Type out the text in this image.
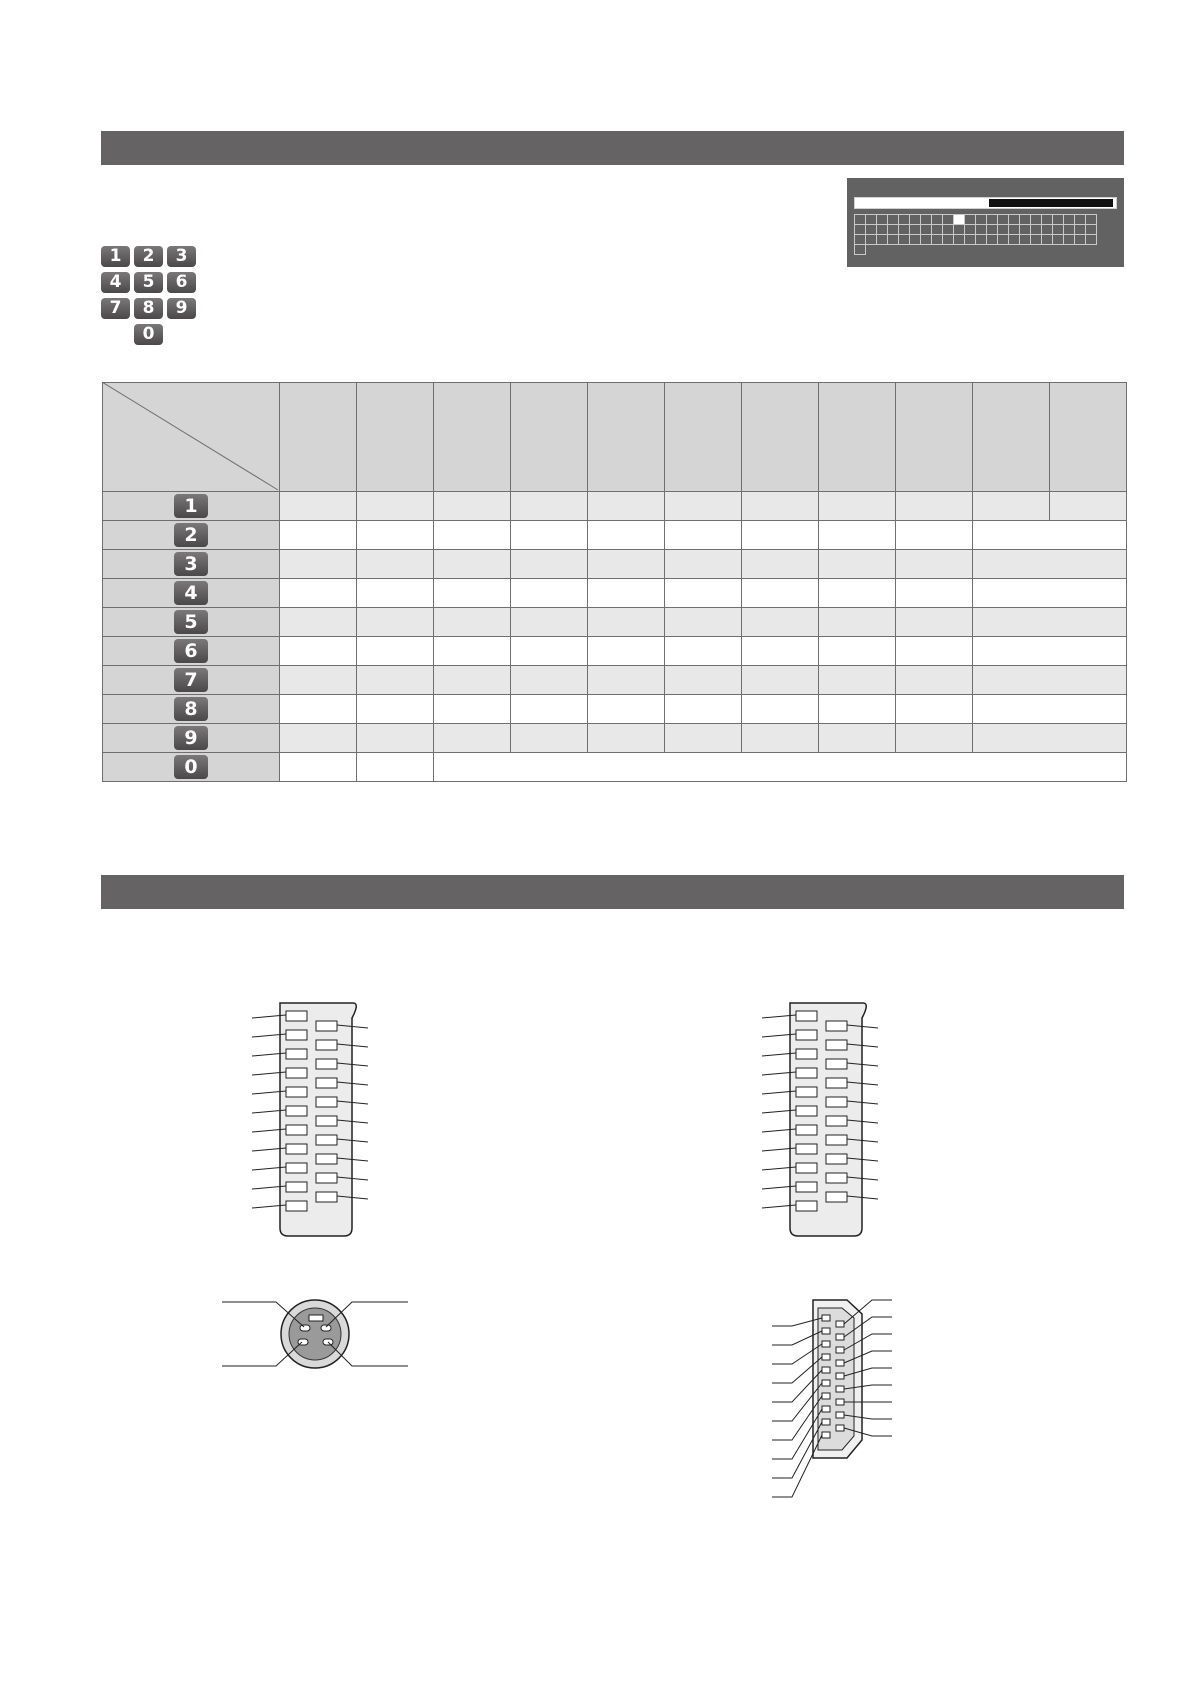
1	2	3
4	5	6
7	8	9
0

1											
2											
3											
4											
5											
6											
7											
8											
9											
0											
